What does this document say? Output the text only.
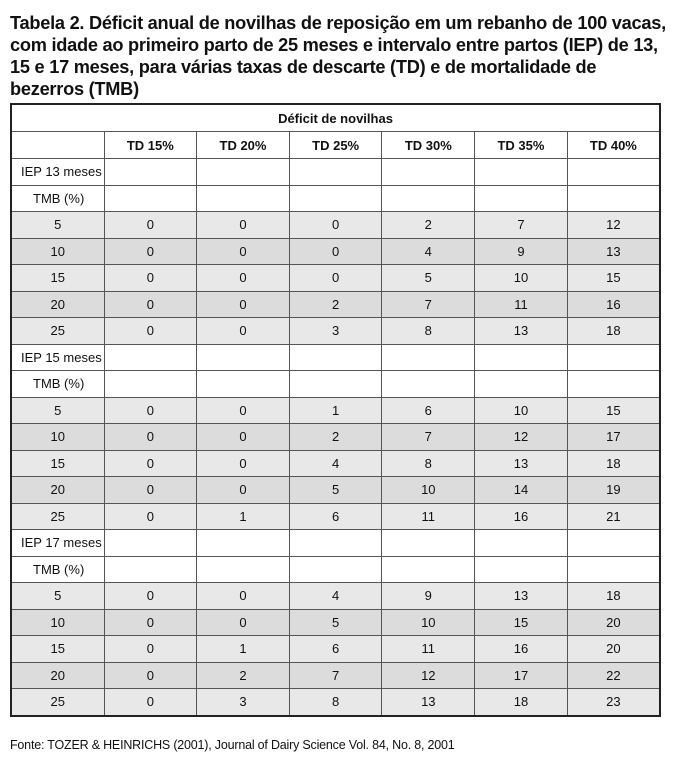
Tabela 2. Déficit anual de novilhas de reposição em um rebanho de 100 vacas, com idade ao primeiro parto de 25 meses e intervalo entre partos (IEP) de 13, 15 e 17 meses, para várias taxas de descarte (TD) e de mortalidade de bezerros (TMB)

Déficit de novilhas						
	TD 15%	TD 20%	TD 25%	TD 30%	TD 35%	TD 40%
IEP 13 meses						
TMB (%)						
5	0	0	0	2	7	12
10	0	0	0	4	9	13
15	0	0	0	5	10	15
20	0	0	2	7	11	16
25	0	0	3	8	13	18
IEP 15 meses						
TMB (%)						
5	0	0	1	6	10	15
10	0	0	2	7	12	17
15	0	0	4	8	13	18
20	0	0	5	10	14	19
25	0	1	6	11	16	21
IEP 17 meses						
TMB (%)						
5	0	0	4	9	13	18
10	0	0	5	10	15	20
15	0	1	6	11	16	20
20	0	2	7	12	17	22
25	0	3	8	13	18	23
Fonte: TOZER & HEINRICHS (2001), Journal of Dairy Science Vol. 84, No. 8, 2001
